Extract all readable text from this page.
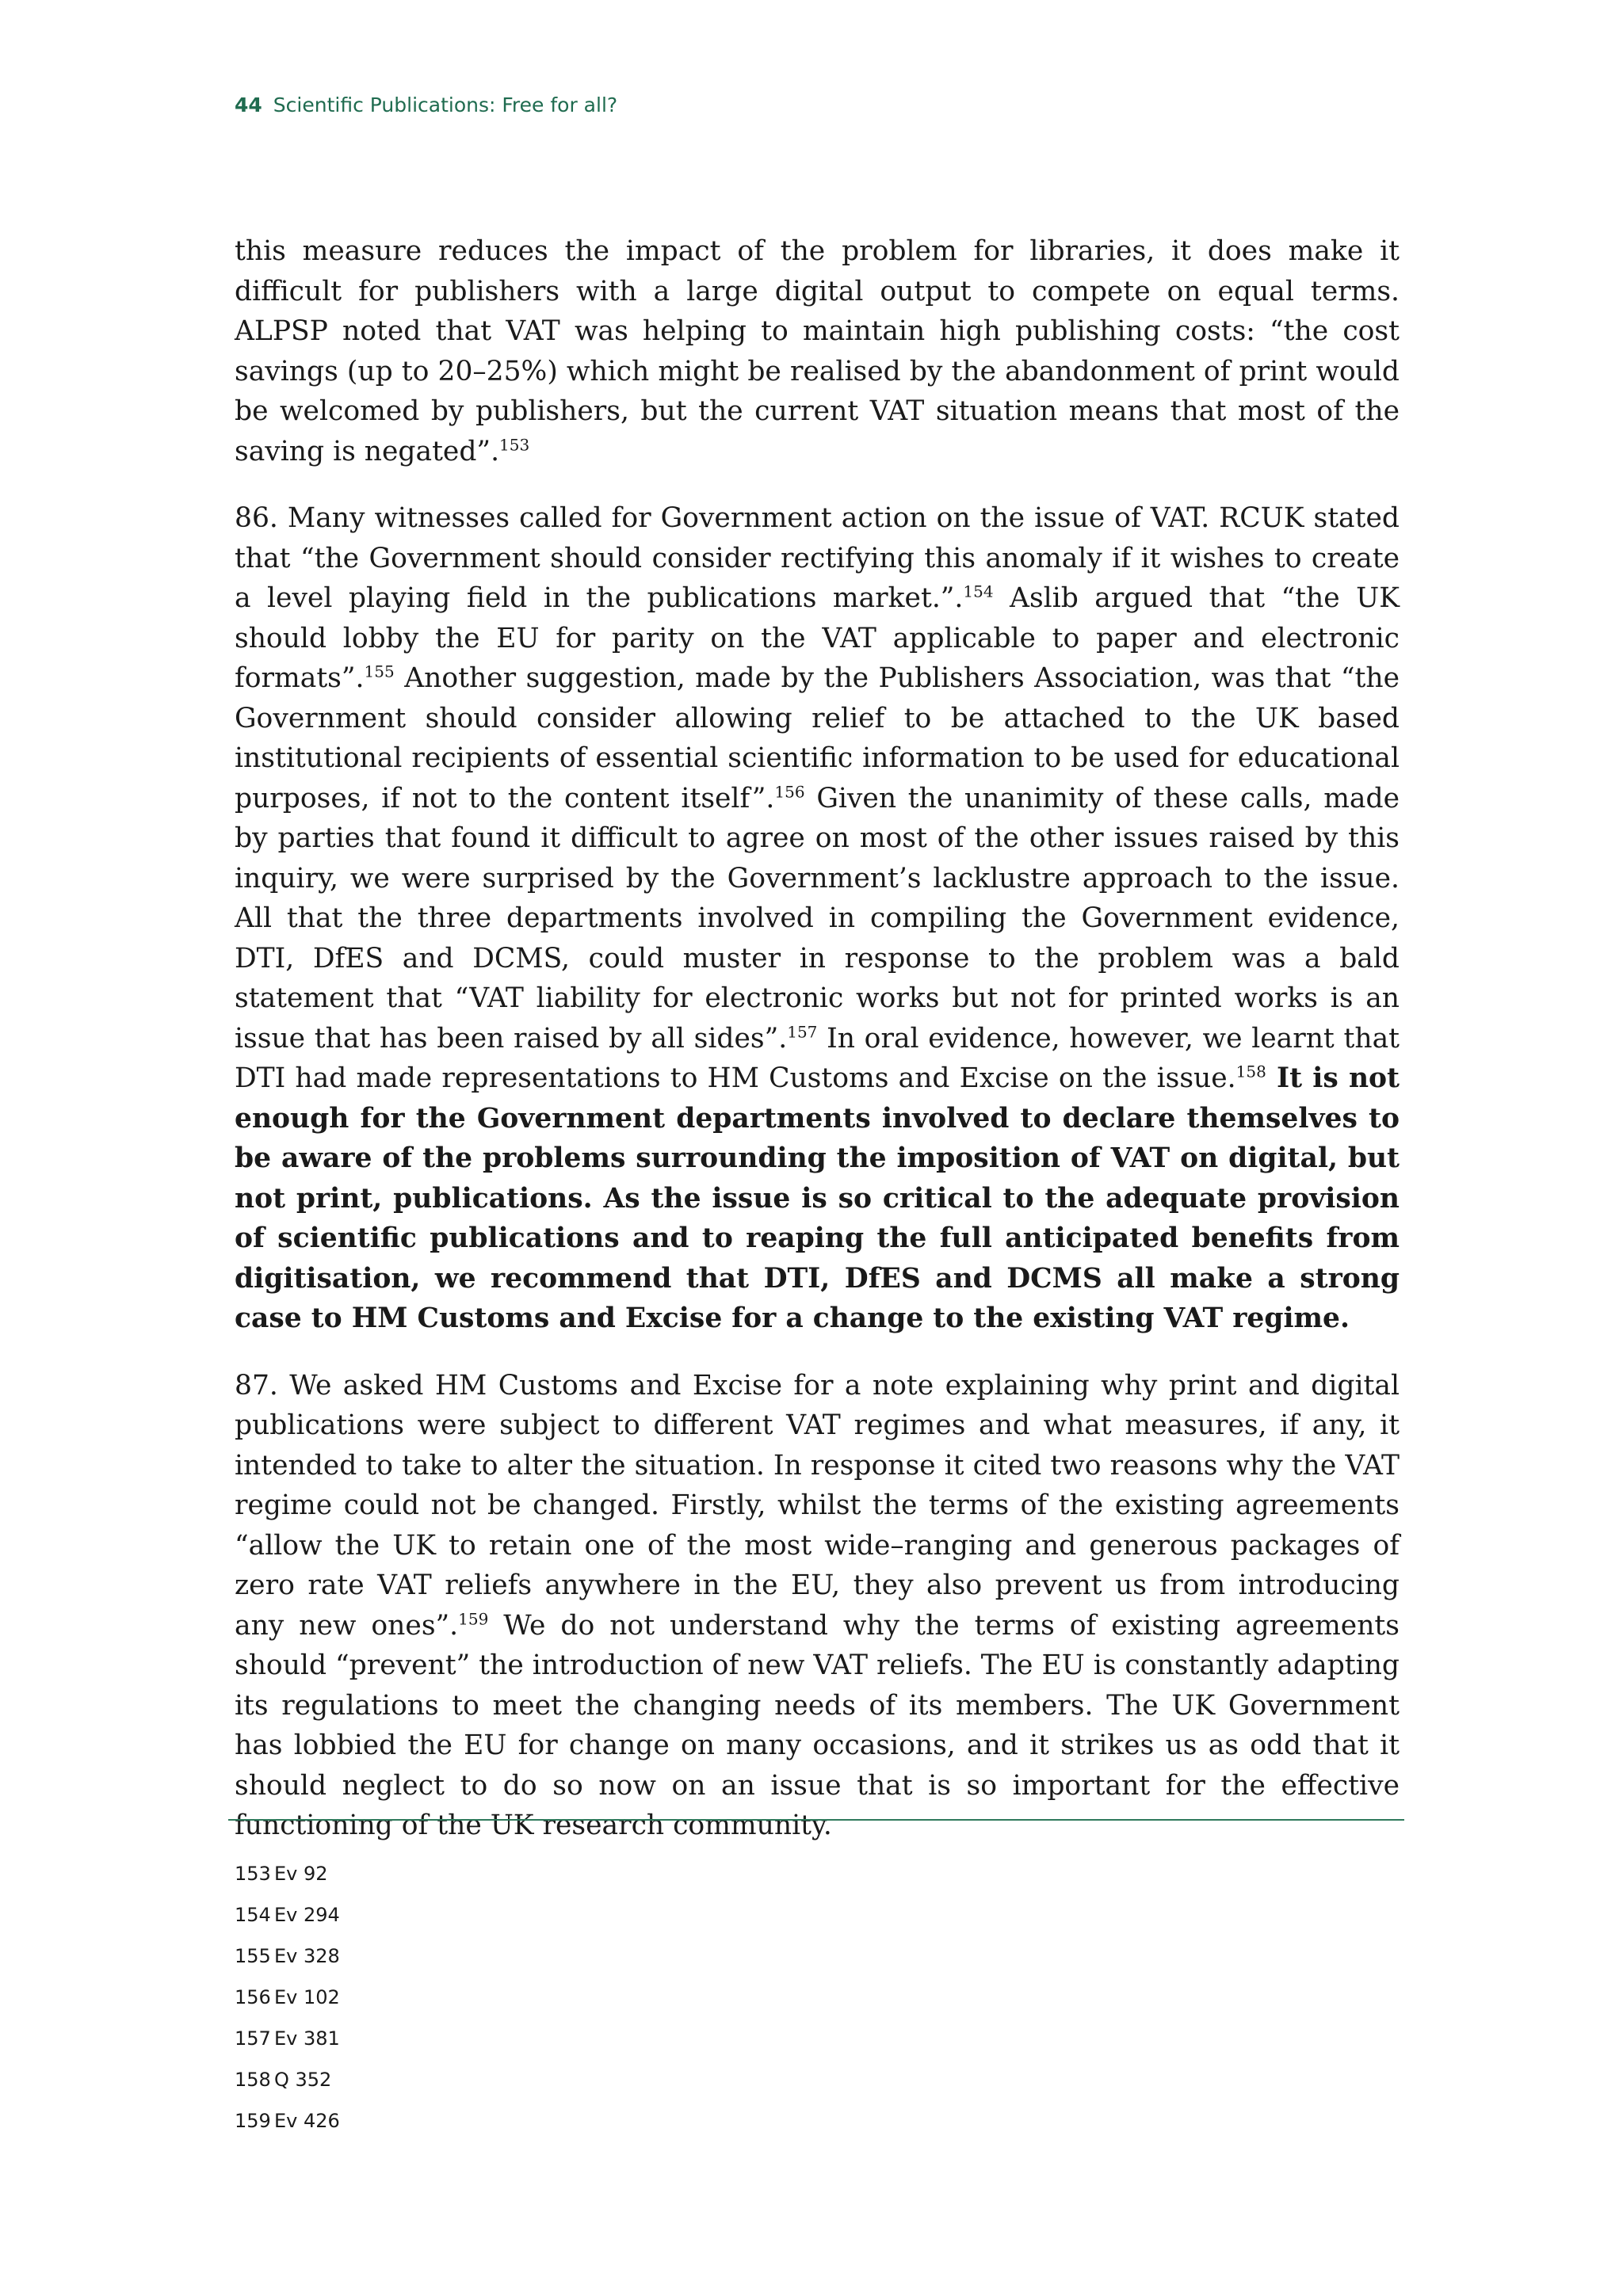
44 Scientific Publications: Free for all?

this measure reduces the impact of the problem for libraries, it does make it difficult for publishers with a large digital output to compete on equal terms. ALPSP noted that VAT was helping to maintain high publishing costs: “the cost savings (up to 20–25%) which might be realised by the abandonment of print would be welcomed by publishers, but the current VAT situation means that most of the saving is negated”.$^{153}$

86. Many witnesses called for Government action on the issue of VAT. RCUK stated that “the Government should consider rectifying this anomaly if it wishes to create a level playing field in the publications market.”.$^{154}$ Aslib argued that “the UK should lobby the EU for parity on the VAT applicable to paper and electronic formats”.$^{155}$ Another suggestion, made by the Publishers Association, was that “the Government should consider allowing relief to be attached to the UK based institutional recipients of essential scientific information to be used for educational purposes, if not to the content itself”.$^{156}$ Given the unanimity of these calls, made by parties that found it difficult to agree on most of the other issues raised by this inquiry, we were surprised by the Government’s lacklustre approach to the issue. All that the three departments involved in compiling the Government evidence, DTI, DfES and DCMS, could muster in response to the problem was a bald statement that “VAT liability for electronic works but not for printed works is an issue that has been raised by all sides”.$^{157}$ In oral evidence, however, we learnt that DTI had made representations to HM Customs and Excise on the issue.$^{158}$ It is not enough for the Government departments involved to declare themselves to be aware of the problems surrounding the imposition of VAT on digital, but not print, publications. As the issue is so critical to the adequate provision of scientific publications and to reaping the full anticipated benefits from digitisation, we recommend that DTI, DfES and DCMS all make a strong case to HM Customs and Excise for a change to the existing VAT regime.

87. We asked HM Customs and Excise for a note explaining why print and digital publications were subject to different VAT regimes and what measures, if any, it intended to take to alter the situation. In response it cited two reasons why the VAT regime could not be changed. Firstly, whilst the terms of the existing agreements “allow the UK to retain one of the most wide–ranging and generous packages of zero rate VAT reliefs anywhere in the EU, they also prevent us from introducing any new ones”.$^{159}$ We do not understand why the terms of existing agreements should “prevent” the introduction of new VAT reliefs. The EU is constantly adapting its regulations to meet the changing needs of its members. The UK Government has lobbied the EU for change on many occasions, and it strikes us as odd that it should neglect to do so now on an issue that is so important for the effective functioning of the UK research community.

153 Ev 92
154 Ev 294
155 Ev 328
156 Ev 102
157 Ev 381
158 Q 352
159 Ev 426
